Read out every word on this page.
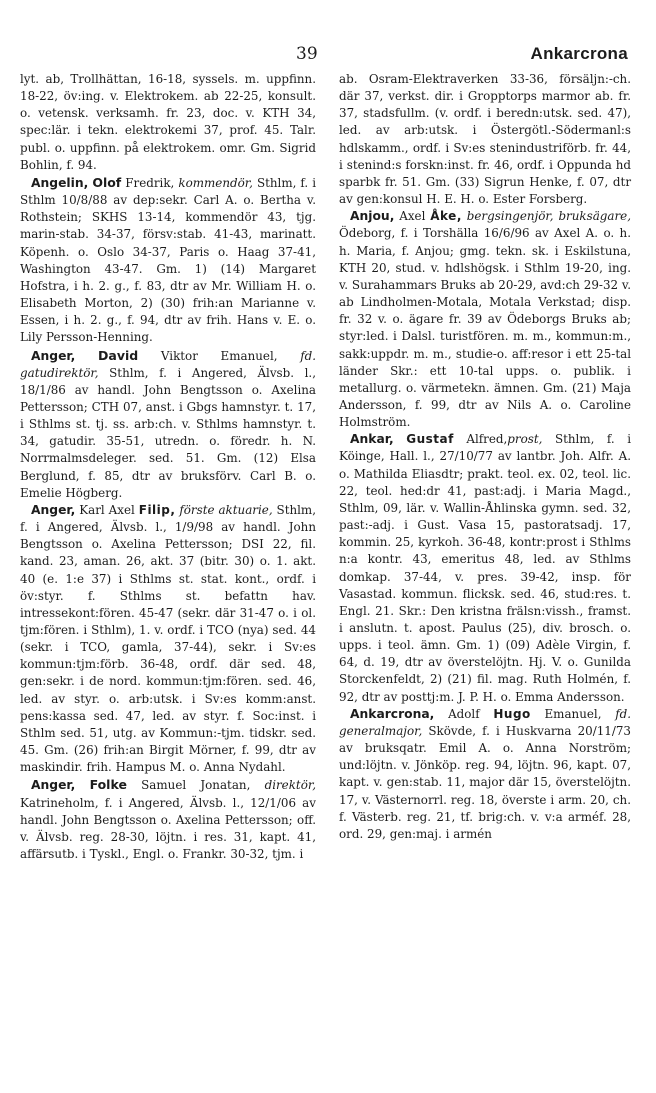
39	Ankarcrona

lyt. ab, Trollhättan, 16-18, syssels. m. uppfinn. 18-22, öv:ing. v. Elektrokem. ab 22-25, konsult. o. vetensk. verksamh. fr. 23, doc. v. KTH 34, spec:lär. i tekn. elektrokemi 37, prof. 45. Talr. publ. o. uppfinn. på elektrokem. omr. Gm. Sigrid Bohlin, f. 94.

Angelin, Olof Fredrik, kommendör, Sthlm, f. i Sthlm 10/8/88 av dep:sekr. Carl A. o. Bertha v. Rothstein; SKHS 13-14, kommendör 43, tjg. marin-stab. 34-37, försv:stab. 41-43, marinatt. Köpenh. o. Oslo 34-37, Paris o. Haag 37-41, Washington 43-47. Gm. 1) (14) Margaret Hofstra, i h. 2. g., f. 83, dtr av Mr. William H. o. Elisabeth Morton, 2) (30) frih:an Marianne v. Essen, i h. 2. g., f. 94, dtr av frih. Hans v. E. o. Lily Persson-Henning.

Anger, David Viktor Emanuel, fd. gatudirektör, Sthlm, f. i Angered, Älvsb. l., 18/1/86 av handl. John Bengtsson o. Axelina Pettersson; CTH 07, anst. i Gbgs hamnstyr. t. 17, i Sthlms st. tj. ss. arb:ch. v. Sthlms hamnstyr. t. 34, gatudir. 35-51, utredn. o. föredr. h. N. Norrmalmsdeleger. sed. 51. Gm. (12) Elsa Berglund, f. 85, dtr av bruksförv. Carl B. o. Emelie Högberg.

Anger, Karl Axel Filip, förste aktuarie, Sthlm, f. i Angered, Älvsb. l., 1/9/98 av handl. John Bengtsson o. Axelina Pettersson; DSI 22, fil. kand. 23, aman. 26, akt. 37 (bitr. 30) o. 1. akt. 40 (e. 1:e 37) i Sthlms st. stat. kont., ordf. i öv:styr. f. Sthlms st. befattn hav. intressekont:fören. 45-47 (sekr. där 31-47 o. i ol. tjm:fören. i Sthlm), 1. v. ordf. i TCO (nya) sed. 44 (sekr. i TCO, gamla, 37-44), sekr. i Sv:es kommun:tjm:förb. 36-48, ordf. där sed. 48, gen:sekr. i de nord. kommun:tjm:fören. sed. 46, led. av styr. o. arb:utsk. i Sv:es komm:anst. pens:kassa sed. 47, led. av styr. f. Soc:inst. i Sthlm sed. 51, utg. av Kommun:-tjm. tidskr. sed. 45. Gm. (26) frih:an Birgit Mörner, f. 99, dtr av maskindir. frih. Hampus M. o. Anna Nydahl.

Anger, Folke Samuel Jonatan, direktör, Katrineholm, f. i Angered, Älvsb. l., 12/1/06 av handl. John Bengtsson o. Axelina Pettersson; off. v. Älvsb. reg. 28-30, löjtn. i res. 31, kapt. 41, affärsutb. i Tyskl., Engl. o. Frankr. 30-32, tjm. i

ab. Osram-Elektraverken 33-36, försäljn:-ch. där 37, verkst. dir. i Gropptorps marmor ab. fr. 37, stadsfullm. (v. ordf. i beredn:utsk. sed. 47), led. av arb:utsk. i Östergötl.-Södermanl:s hdlskamm., ordf. i Sv:es stenindustriförb. fr. 44, i stenind:s forskn:inst. fr. 46, ordf. i Oppunda hd sparbk fr. 51. Gm. (33) Sigrun Henke, f. 07, dtr av gen:konsul H. E. H. o. Ester Forsberg.

Anjou, Axel Åke, bergsingenjör, bruksägare, Ödeborg, f. i Torshälla 16/6/96 av Axel A. o. h. h. Maria, f. Anjou; gmg. tekn. sk. i Eskilstuna, KTH 20, stud. v. hdlshögsk. i Sthlm 19-20, ing. v. Surahammars Bruks ab 20-29, avd:ch 29-32 v. ab Lindholmen-Motala, Motala Verkstad; disp. fr. 32 v. o. ägare fr. 39 av Ödeborgs Bruks ab; styr:led. i Dalsl. turistfören. m. m., kommun:m., sakk:uppdr. m. m., studie-o. aff:resor i ett 25-tal länder Skr.: ett 10-tal upps. o. publik. i metallurg. o. värmetekn. ämnen. Gm. (21) Maja Andersson, f. 99, dtr av Nils A. o. Caroline Holmström.

Ankar, Gustaf Alfred,prost, Sthlm, f. i Köinge, Hall. l., 27/10/77 av lantbr. Joh. Alfr. A. o. Mathilda Eliasdtr; prakt. teol. ex. 02, teol. lic. 22, teol. hed:dr 41, past:adj. i Maria Magd., Sthlm, 09, lär. v. Wallin-Åhlinska gymn. sed. 32, past:-adj. i Gust. Vasa 15, pastoratsadj. 17, kommin. 25, kyrkoh. 36-48, kontr:prost i Sthlms n:a kontr. 43, emeritus 48, led. av Sthlms domkap. 37-44, v. pres. 39-42, insp. för Vasastad. kommun. flicksk. sed. 46, stud:res. t. Engl. 21. Skr.: Den kristna frälsn:vissh., framst. i anslutn. t. apost. Paulus (25), div. brosch. o. upps. i teol. ämn. Gm. 1) (09) Adèle Virgin, f. 64, d. 19, dtr av överstelöjtn. Hj. V. o. Gunilda Storckenfeldt, 2) (21) fil. mag. Ruth Holmén, f. 92, dtr av posttj:m. J. P. H. o. Emma Andersson.

Ankarcrona, Adolf Hugo Emanuel, fd. generalmajor, Skövde, f. i Huskvarna 20/11/73 av bruksqatr. Emil A. o. Anna Norström; und:löjtn. v. Jönköp. reg. 94, löjtn. 96, kapt. 07, kapt. v. gen:stab. 11, major där 15, överstelöjtn. 17, v. Västernorrl. reg. 18, överste i arm. 20, ch. f. Västerb. reg. 21, tf. brig:ch. v. v:a arméf. 28, ord. 29, gen:maj. i armén
